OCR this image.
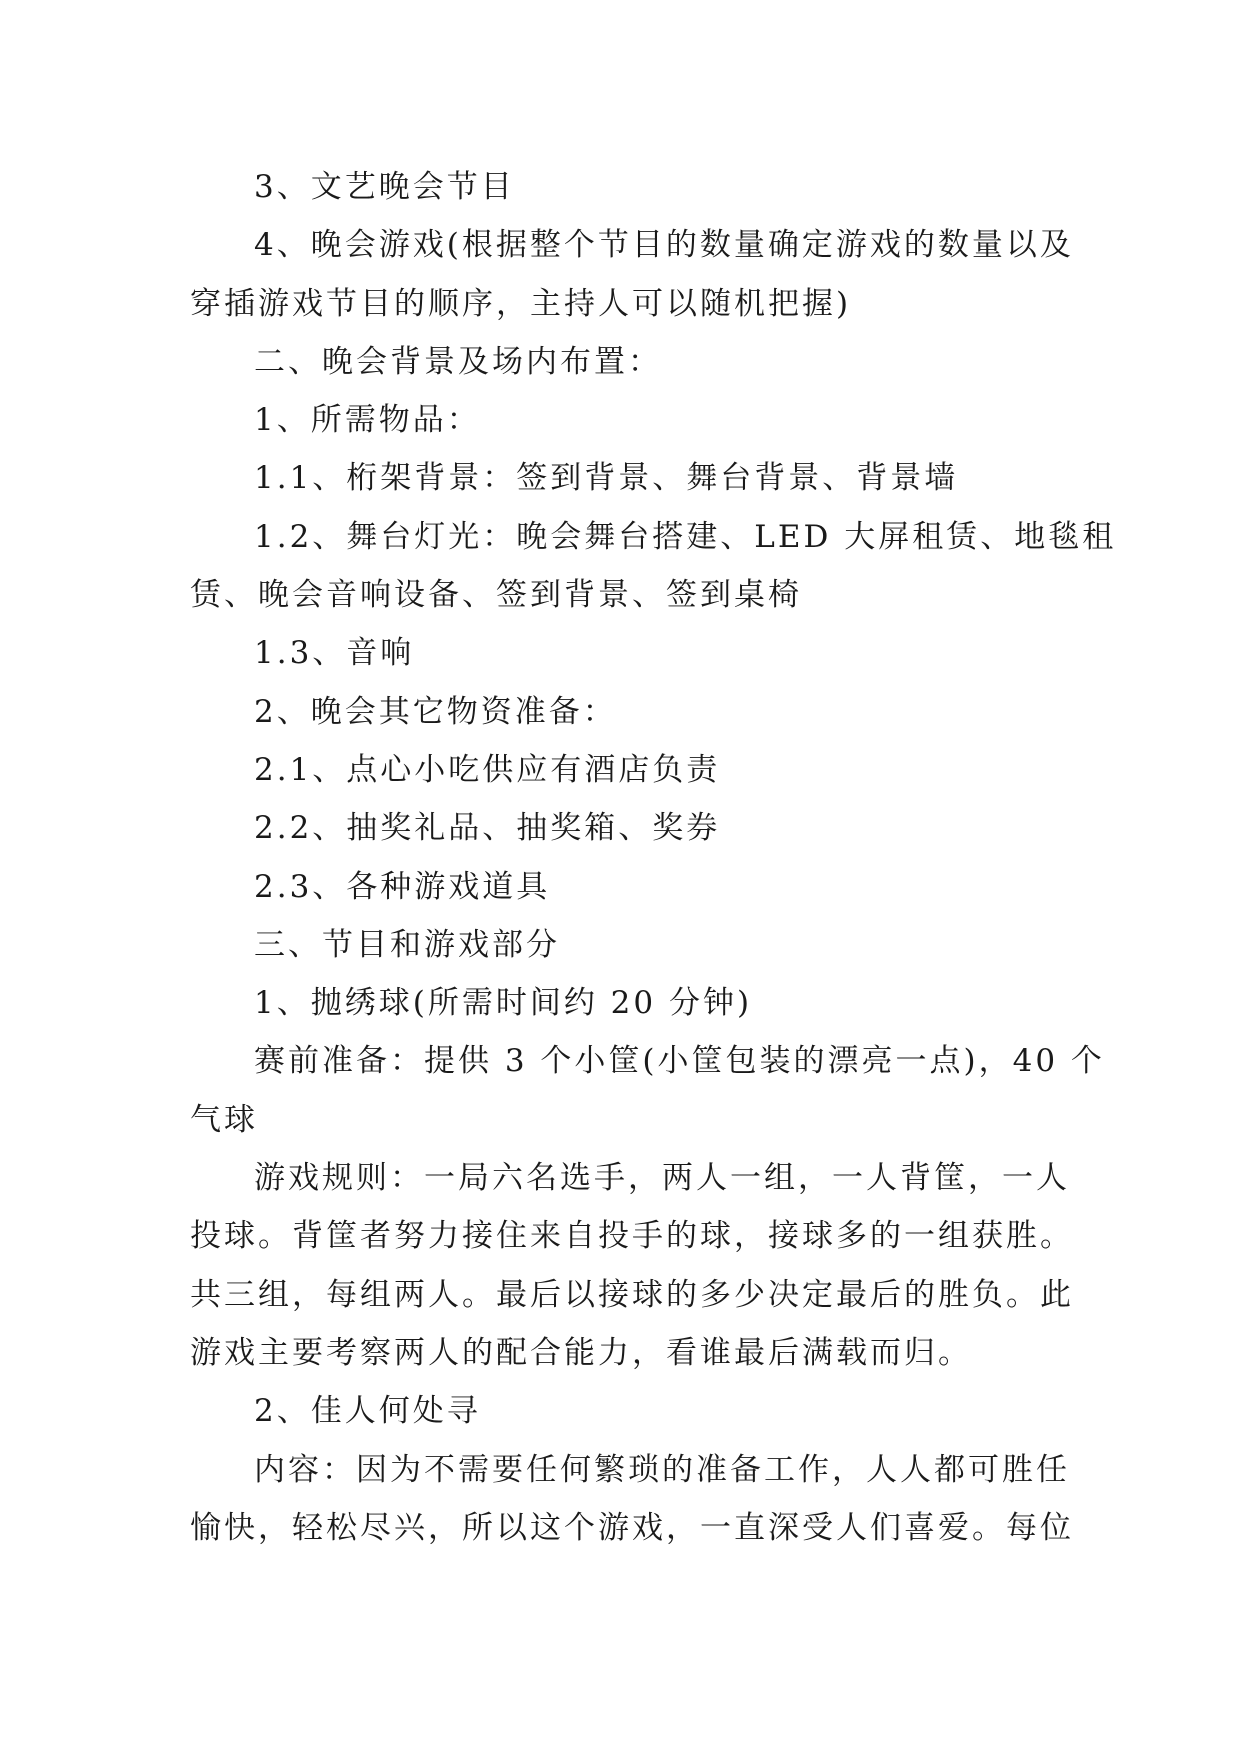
3、文艺晚会节目
4、晚会游戏(根据整个节目的数量确定游戏的数量以及
穿插游戏节目的顺序，主持人可以随机把握)
二、晚会背景及场内布置：
1、所需物品：
1.1、桁架背景：签到背景、舞台背景、背景墙
1.2、舞台灯光：晚会舞台搭建、LED 大屏租赁、地毯租
赁、晚会音响设备、签到背景、签到桌椅
1.3、音响
2、晚会其它物资准备：
2.1、点心小吃供应有酒店负责
2.2、抽奖礼品、抽奖箱、奖券
2.3、各种游戏道具
三、节目和游戏部分
1、抛绣球(所需时间约 20 分钟)
赛前准备：提供 3 个小筐(小筐包装的漂亮一点)，40 个
气球
游戏规则：一局六名选手，两人一组，一人背筐，一人
投球。背筐者努力接住来自投手的球，接球多的一组获胜。
共三组，每组两人。最后以接球的多少决定最后的胜负。此
游戏主要考察两人的配合能力，看谁最后满载而归。
2、佳人何处寻
内容：因为不需要任何繁琐的准备工作，人人都可胜任
愉快，轻松尽兴，所以这个游戏，一直深受人们喜爱。每位
